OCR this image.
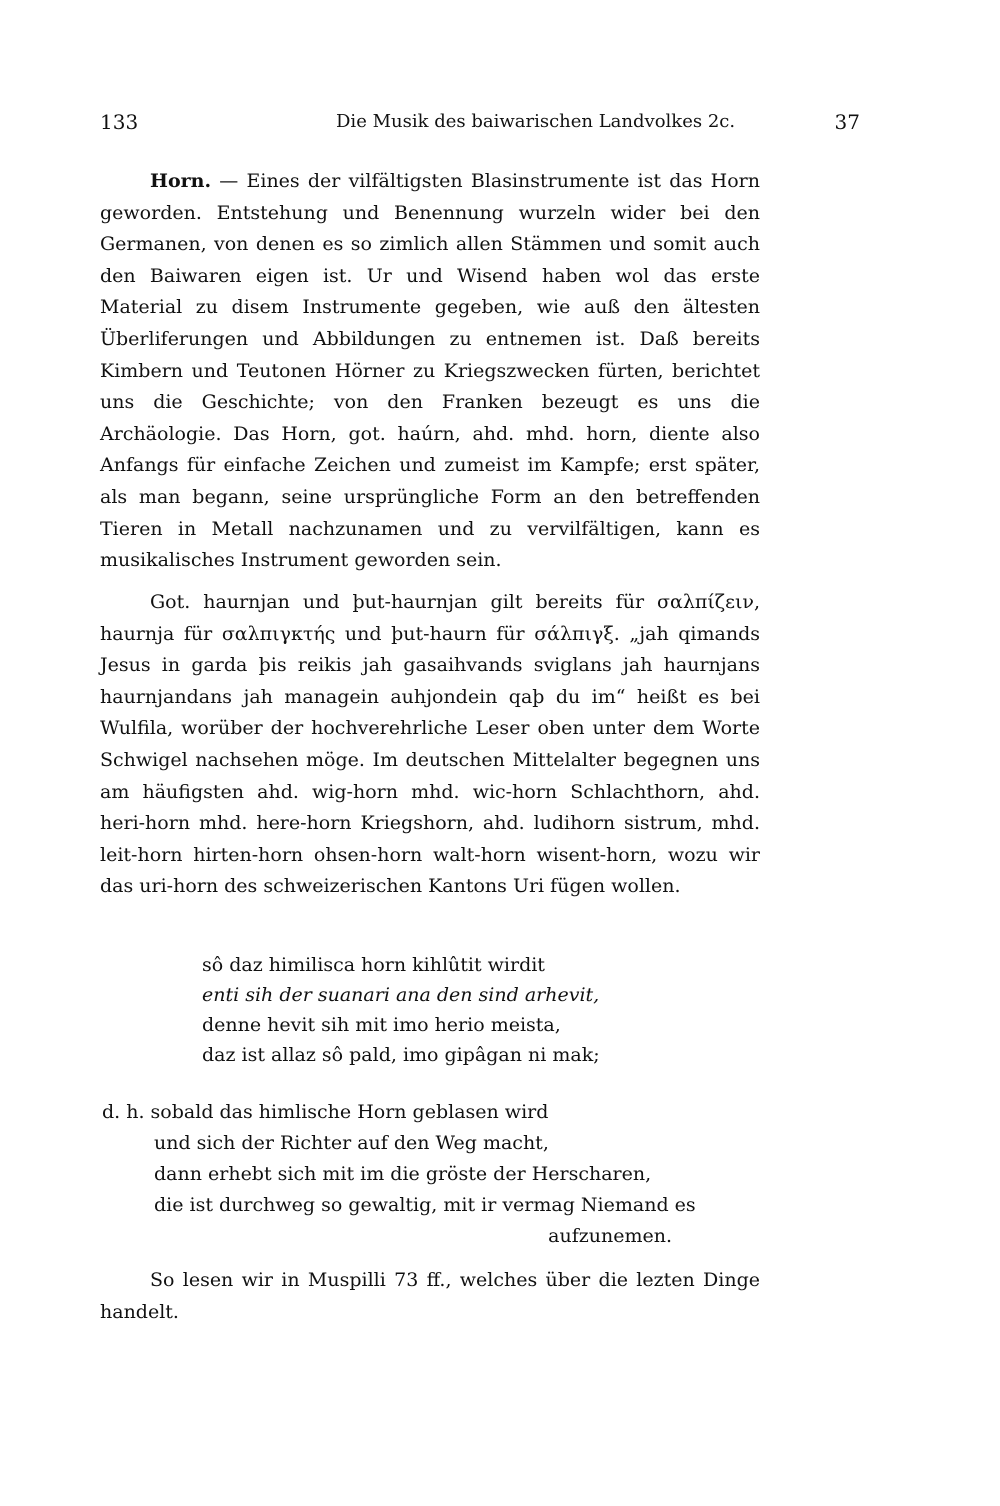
133	Die Musik des baiwarischen Landvolkes 2c.	37

Horn. — Eines der vilfältigsten Blasinstrumente ist das Horn geworden. Entstehung und Benennung wurzeln wider bei den Germanen, von denen es so zimlich allen Stämmen und somit auch den Baiwaren eigen ist. Ur und Wisend haben wol das erste Material zu disem Instrumente gegeben, wie auß den ältesten Überliferungen und Abbildungen zu entnemen ist. Daß bereits Kimbern und Teutonen Hörner zu Kriegszwecken fürten, berichtet uns die Geschichte; von den Franken bezeugt es uns die Archäologie. Das Horn, got. haúrn, ahd. mhd. horn, diente also Anfangs für einfache Zeichen und zumeist im Kampfe; erst später, als man begann, seine ursprüngliche Form an den betreffenden Tieren in Metall nachzunamen und zu vervilfältigen, kann es musikalisches Instrument geworden sein.

Got. haurnjan und þut-haurnjan gilt bereits für σαλπίζειν, haurnja für σαλπιγκτής und þut-haurn für σάλπιγξ. „jah qimands Jesus in garda þis reikis jah gasaihvands sviglans jah haurnjans haurnjandans jah managein auhjondein qaþ du im“ heißt es bei Wulfila, worüber der hochverehrliche Leser oben unter dem Worte Schwigel nachsehen möge. Im deutschen Mittelalter begegnen uns am häufigsten ahd. wig-horn mhd. wic-horn Schlachthorn, ahd. heri-horn mhd. here-horn Kriegshorn, ahd. ludihorn sistrum, mhd. leit-horn hirten-horn ohsen-horn walt-horn wisent-horn, wozu wir das uri-horn des schweizerischen Kantons Uri fügen wollen.

sô daz himilisca horn kihlûtit wirdit
enti sih der suanari ana den sind arhevit,
denne hevit sih mit imo herio meista,
daz ist allaz sô pald, imo gipâgan ni mak;
d. h. sobald das himlische Horn geblasen wird
und sich der Richter auf den Weg macht,
dann erhebt sich mit im die gröste der Herscharen,
die ist durchweg so gewaltig, mit ir vermag Niemand es
aufzunemen.

So lesen wir in Muspilli 73 ff., welches über die lezten Dinge handelt.
